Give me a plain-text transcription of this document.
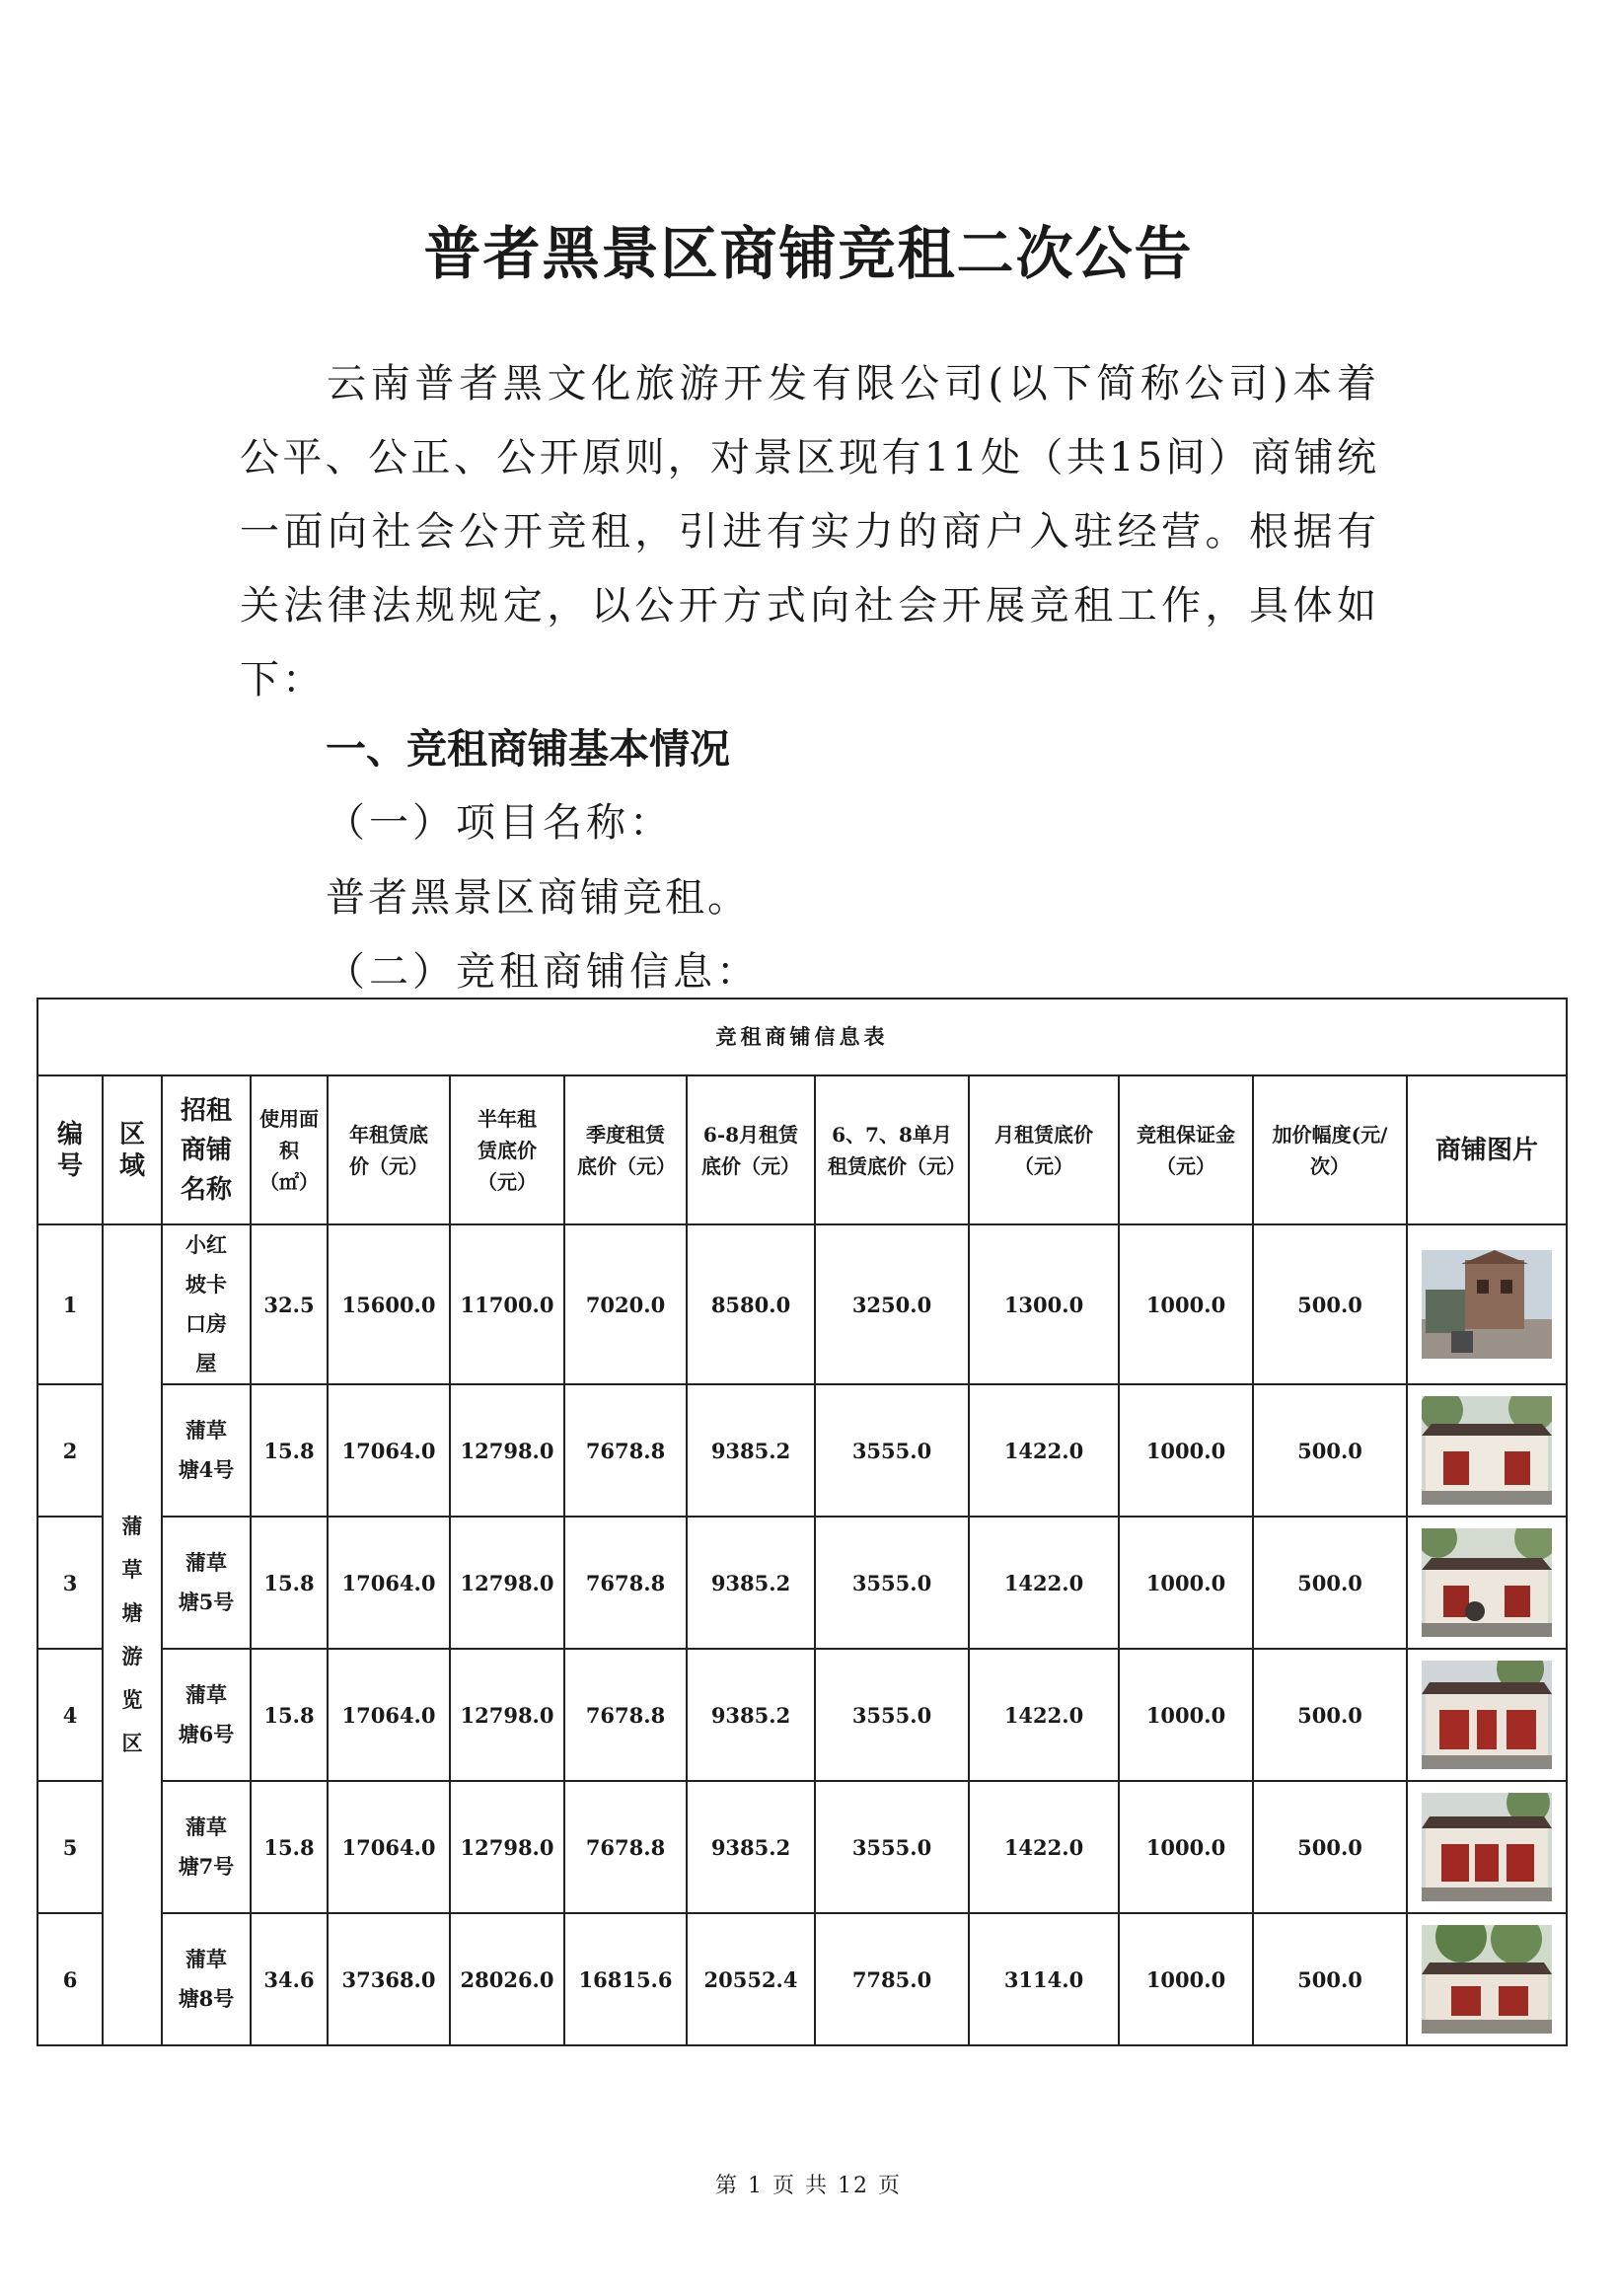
普者黑景区商铺竞租二次公告

云南普者黑文化旅游开发有限公司(以下简称公司)本着公平、公正、公开原则，对景区现有11处（共15间）商铺统一面向社会公开竞租，引进有实力的商户入驻经营。根据有关法律法规规定，以公开方式向社会开展竞租工作，具体如下：

一、竞租商铺基本情况

（一）项目名称：

普者黑景区商铺竞租。

（二）竞租商铺信息：

竞租商铺信息表												
编号	区域	招租商铺名称	使用面积（㎡）	年租赁底价（元）	半年租赁底价（元）	季度租赁底价（元）	6-8月租赁底价（元）	6、7、8单月租赁底价（元）	月租赁底价（元）	竞租保证金（元）	加价幅度(元/次）	商铺图片
1	蒲草塘游览区	小红坡卡口房屋	32.5	15600.0	11700.0	7020.0	8580.0	3250.0	1300.0	1000.0	500.0	

2		蒲草塘4号	15.8	17064.0	12798.0	7678.8	9385.2	3555.0	1422.0	1000.0	500.0	

3		蒲草塘5号	15.8	17064.0	12798.0	7678.8	9385.2	3555.0	1422.0	1000.0	500.0	

4		蒲草塘6号	15.8	17064.0	12798.0	7678.8	9385.2	3555.0	1422.0	1000.0	500.0	

5		蒲草塘7号	15.8	17064.0	12798.0	7678.8	9385.2	3555.0	1422.0	1000.0	500.0	

6		蒲草塘8号	34.6	37368.0	28026.0	16815.6	20552.4	7785.0	3114.0	1000.0	500.0	

第 1 页 共 12 页
